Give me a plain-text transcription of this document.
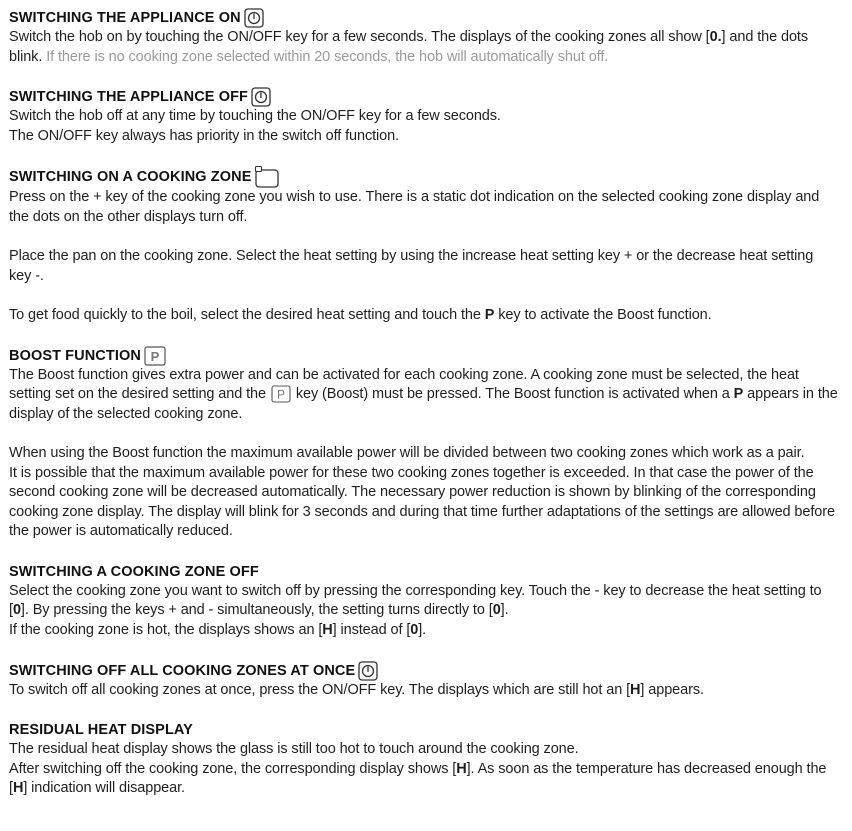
SWITCHING THE APPLIANCE ON

Switch the hob on by touching the ON/OFF key for a few seconds. The displays of the cooking zones all show [0.] and the dots blink. If there is no cooking zone selected within 20 seconds, the hob will automatically shut off.

SWITCHING THE APPLIANCE OFF

Switch the hob off at any time by touching the ON/OFF key for a few seconds.

The ON/OFF key always has priority in the switch off function.

SWITCHING ON A COOKING ZONE

Press on the + key of the cooking zone you wish to use. There is a static dot indication on the selected cooking zone display and the dots on the other displays turn off.

Place the pan on the cooking zone. Select the heat setting by using the increase heat setting key + or the decrease heat setting key -.

To get food quickly to the boil, select the desired heat setting and touch the P key to activate the Boost function.

BOOST FUNCTION P

The Boost function gives extra power and can be activated for each cooking zone. A cooking zone must be selected, the heat setting set on the desired setting and the P key (Boost) must be pressed. The Boost function is activated when a P appears in the display of the selected cooking zone.

When using the Boost function the maximum available power will be divided between two cooking zones which work as a pair.

It is possible that the maximum available power for these two cooking zones together is exceeded. In that case the power of the second cooking zone will be decreased automatically. The necessary power reduction is shown by blinking of the corresponding cooking zone display. The display will blink for 3 seconds and during that time further adaptations of the settings are allowed before the power is automatically reduced.

SWITCHING A COOKING ZONE OFF

Select the cooking zone you want to switch off by pressing the corresponding key. Touch the - key to decrease the heat setting to [0]. By pressing the keys + and - simultaneously, the setting turns directly to [0].

If the cooking zone is hot, the displays shows an [H] instead of [0].

SWITCHING OFF ALL COOKING ZONES AT ONCE

To switch off all cooking zones at once, press the ON/OFF key. The displays which are still hot an [H] appears.

RESIDUAL HEAT DISPLAY

The residual heat display shows the glass is still too hot to touch around the cooking zone.

After switching off the cooking zone, the corresponding display shows [H]. As soon as the temperature has decreased enough the [H] indication will disappear.
